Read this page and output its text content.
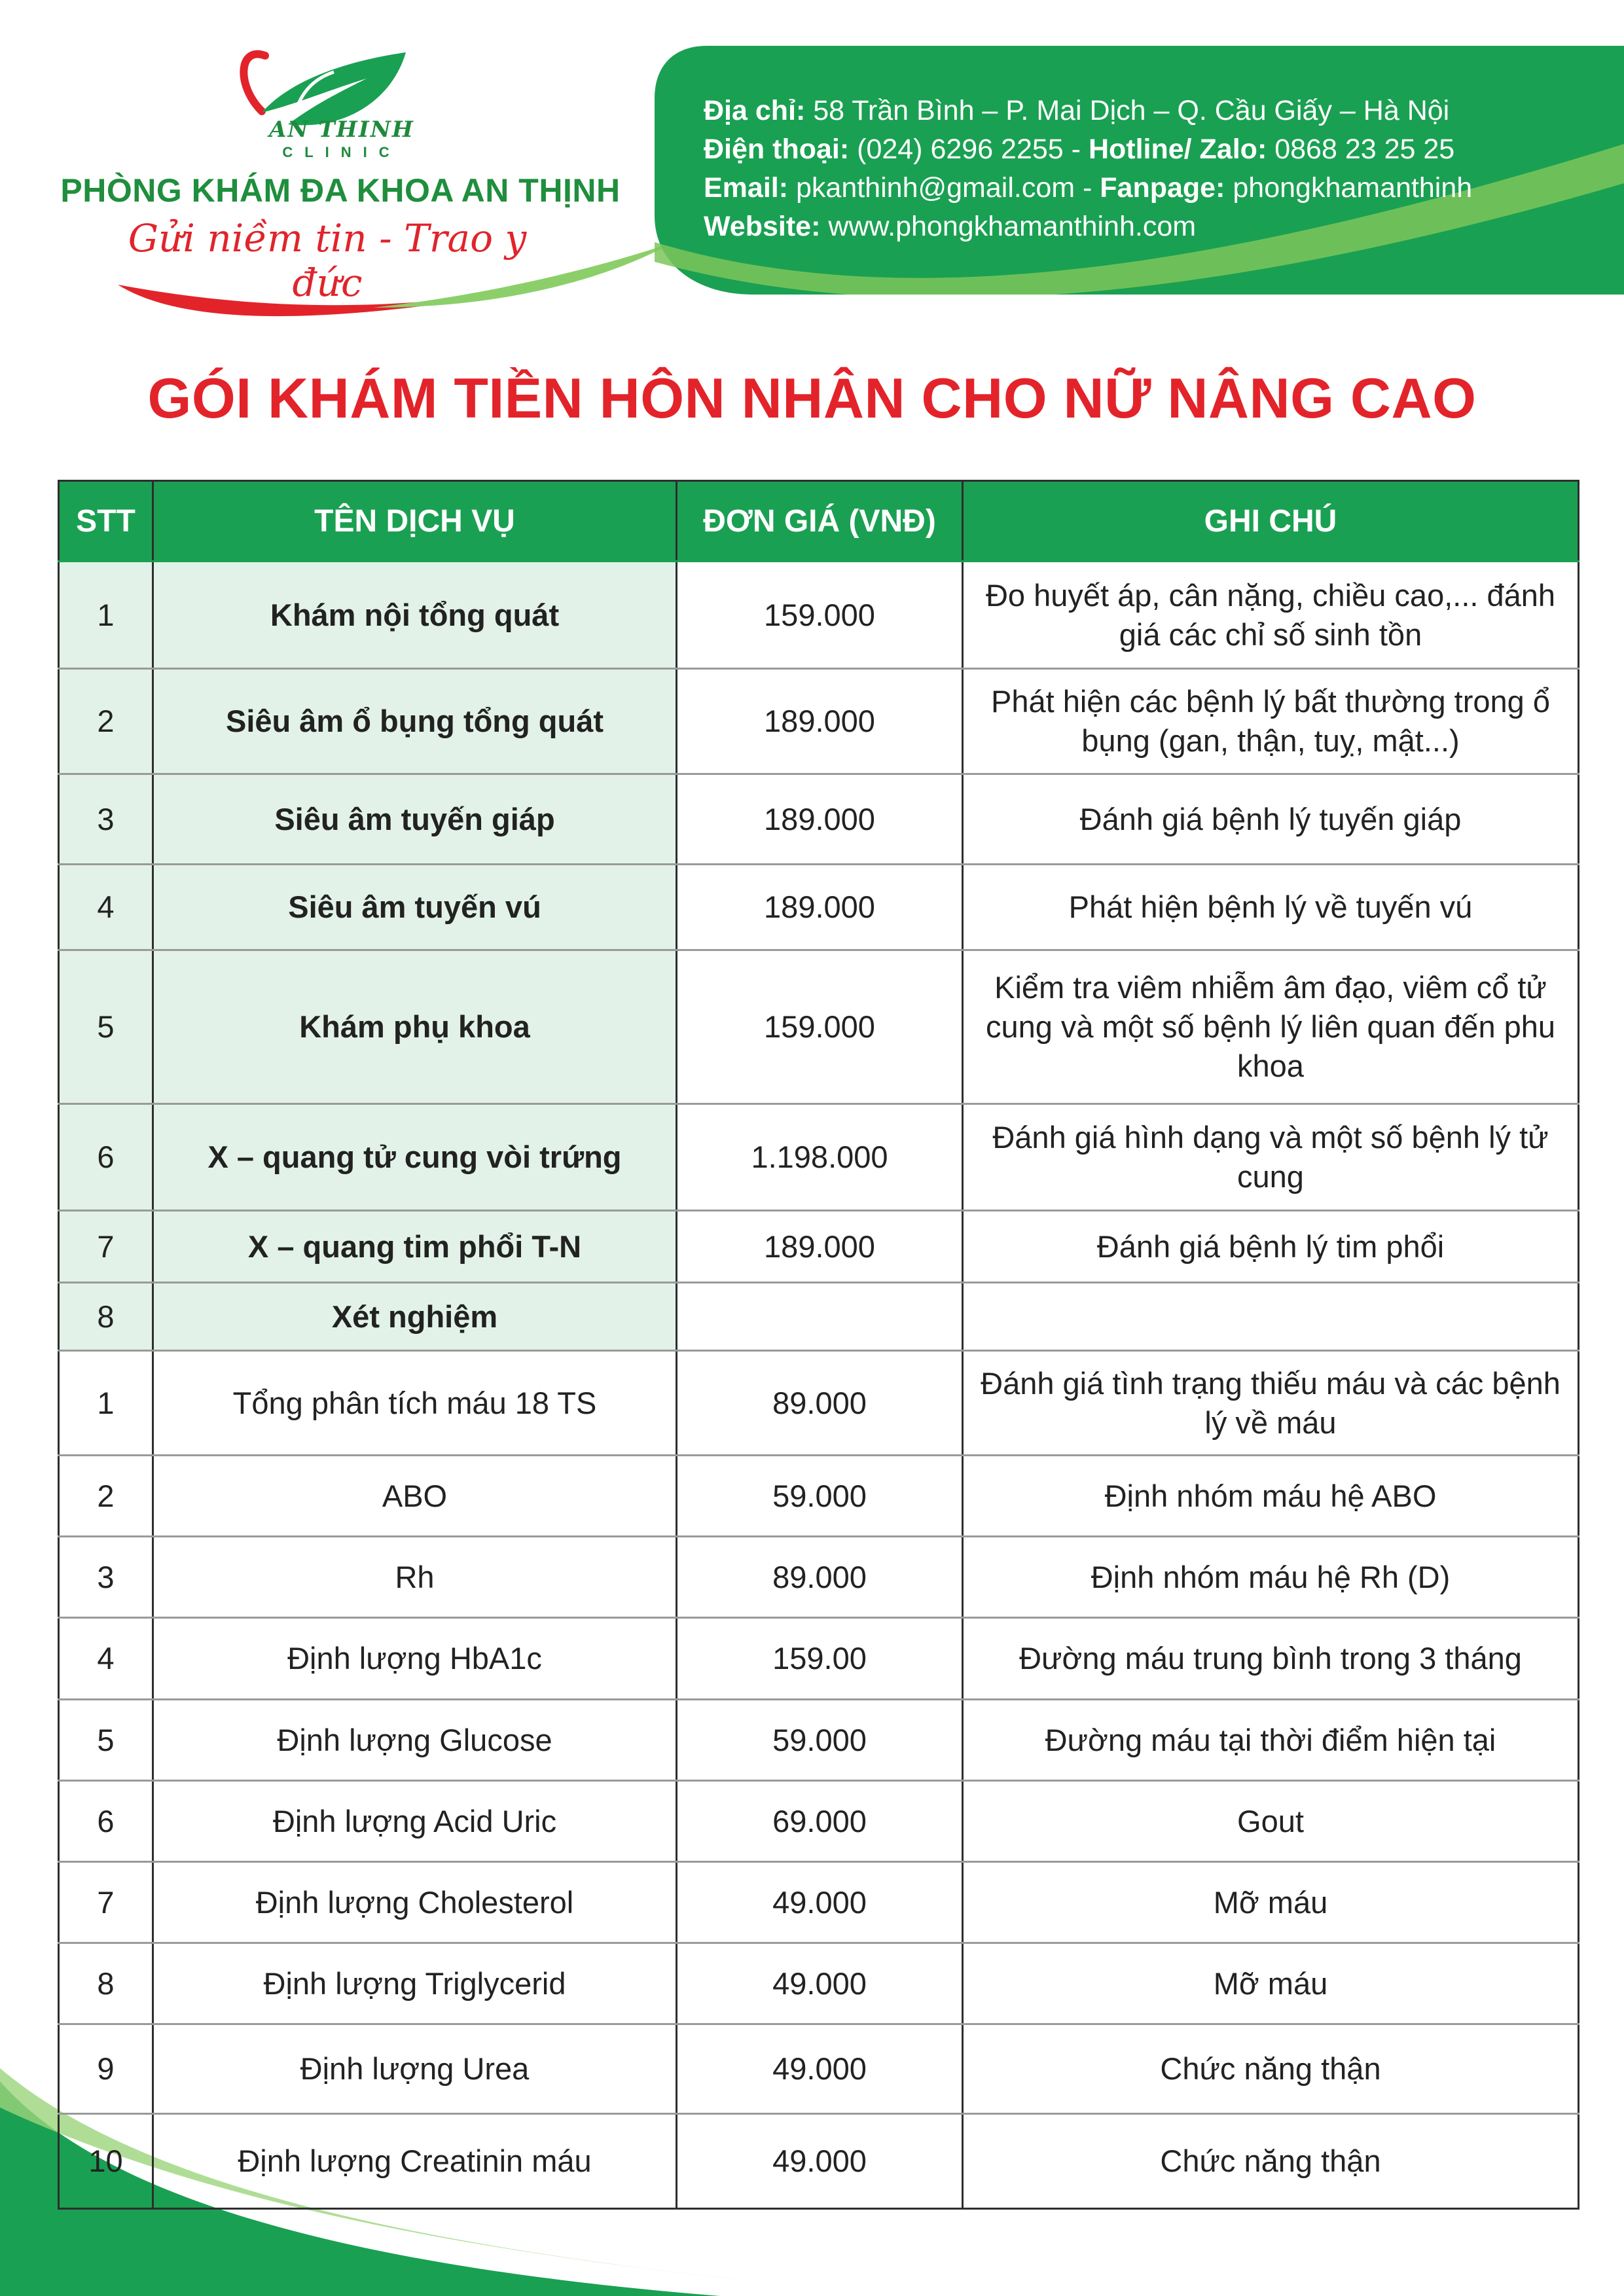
AN THINH
CLINIC
PHÒNG KHÁM ĐA KHOA AN THỊNH
Gửi niềm tin - Trao y đức
Địa chỉ: 58 Trần Bình – P. Mai Dịch – Q. Cầu Giấy – Hà Nội
Điện thoại: (024) 6296 2255 - Hotline/ Zalo: 0868 23 25 25
Email: pkanthinh@gmail.com - Fanpage: phongkhamanthinh
Website: www.phongkhamanthinh.com
GÓI KHÁM TIỀN HÔN NHÂN CHO NỮ NÂNG CAO
STT	TÊN DỊCH VỤ	ĐƠN GIÁ (VNĐ)	GHI CHÚ
1	Khám nội tổng quát	159.000	Đo huyết áp, cân nặng, chiều cao,... đánh giá các chỉ số sinh tồn
2	Siêu âm ổ bụng tổng quát	189.000	Phát hiện các bệnh lý bất thường trong ổ bụng (gan, thận, tuỵ, mật...)
3	Siêu âm tuyến giáp	189.000	Đánh giá bệnh lý tuyến giáp
4	Siêu âm tuyến vú	189.000	Phát hiện bệnh lý về tuyến vú
5	Khám phụ khoa	159.000	Kiểm tra viêm nhiễm âm đạo, viêm cổ tử cung và một số bệnh lý liên quan đến phu khoa
6	X – quang tử cung vòi trứng	1.198.000	Đánh giá hình dạng và một số bệnh lý tử cung
7	X – quang tim phổi T-N	189.000	Đánh giá bệnh lý tim phổi
8	Xét nghiệm		
1	Tổng phân tích máu 18 TS	89.000	Đánh giá tình trạng thiếu máu và các bệnh lý về máu
2	ABO	59.000	Định nhóm máu hệ ABO
3	Rh	89.000	Định nhóm máu hệ Rh (D)
4	Định lượng HbA1c	159.00	Đường máu trung bình trong 3 tháng
5	Định lượng Glucose	59.000	Đường máu tại thời điểm hiện tại
6	Định lượng Acid Uric	69.000	Gout
7	Định lượng Cholesterol	49.000	Mỡ máu
8	Định lượng Triglycerid	49.000	Mỡ máu
9	Định lượng Urea	49.000	Chức năng thận
10	Định lượng Creatinin máu	49.000	Chức năng thận
